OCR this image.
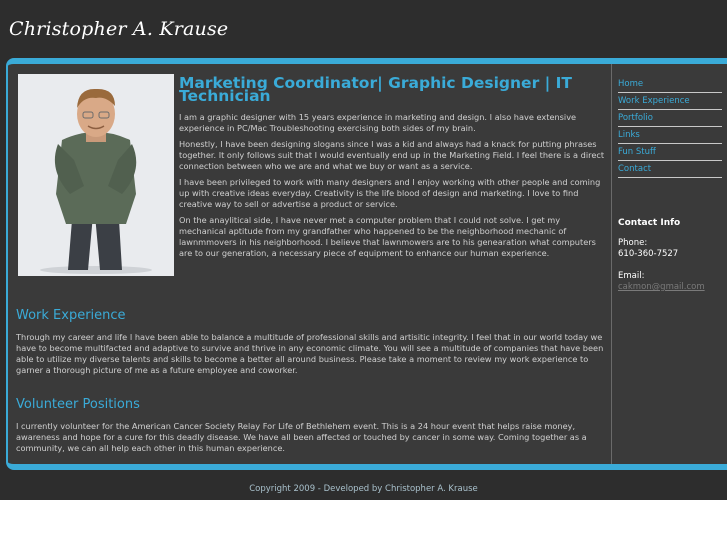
Christopher A. Krause
Marketing Coordinator| Graphic Designer | IT Technician

I am a graphic designer with 15 years experience in marketing and design. I also have extensive experience in PC/Mac Troubleshooting exercising both sides of my brain.

Honestly, I have been designing slogans since I was a kid and always had a knack for putting phrases together. It only follows suit that I would eventually end up in the Marketing Field. I feel there is a direct connection between who we are and what we buy or want as a service.

I have been privileged to work with many designers and I enjoy working with other people and coming up with creative ideas everyday. Creativity is the life blood of design and marketing. I love to find creative way to sell or advertise a product or service.

On the anaylitical side, I have never met a computer problem that I could not solve. I get my mechanical aptitude from my grandfather who happened to be the neighborhood mechanic of lawnmmovers in his neighborhood. I believe that lawnmowers are to his genearation what computers are to our generation, a necessary piece of equipment to enhance our human experience.

Work Experience

Through my career and life I have been able to balance a multitude of professional skills and artisitic integrity. I feel that in our world today we have to become multifacted and adaptive to survive and thrive in any economic climate. You will see a multitude of companies that have been able to utilize my diverse talents and skills to become a better all around business. Please take a moment to review my work experience to garner a thorough picture of me as a future employee and coworker.

Volunteer Positions

I currently volunteer for the American Cancer Society Relay For Life of Bethlehem event. This is a 24 hour event that helps raise money, awareness and hope for a cure for this deadly disease. We have all been affected or touched by cancer in some way. Coming together as a community, we can all help each other in this human experience.

Home
Work Experience
Portfolio
Links
Fun Stuff
Contact
Contact Info
Phone:
610-360-7527
Email:
cakmon@gmail.com
Copyright 2009 - Developed by Christopher A. Krause
